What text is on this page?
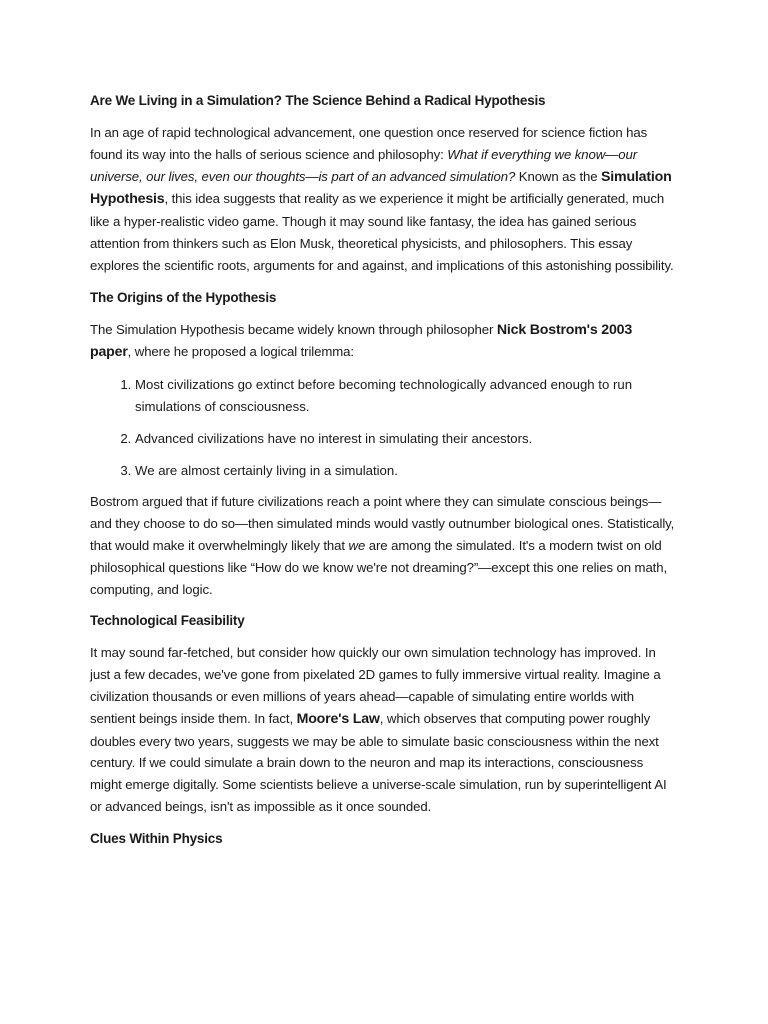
Are We Living in a Simulation? The Science Behind a Radical Hypothesis

In an age of rapid technological advancement, one question once reserved for science fiction has found its way into the halls of serious science and philosophy: What if everything we know—our universe, our lives, even our thoughts—is part of an advanced simulation? Known as the Simulation Hypothesis, this idea suggests that reality as we experience it might be artificially generated, much like a hyper-realistic video game. Though it may sound like fantasy, the idea has gained serious attention from thinkers such as Elon Musk, theoretical physicists, and philosophers. This essay explores the scientific roots, arguments for and against, and implications of this astonishing possibility.

The Origins of the Hypothesis

The Simulation Hypothesis became widely known through philosopher Nick Bostrom's 2003 paper, where he proposed a logical trilemma:

1. Most civilizations go extinct before becoming technologically advanced enough to run simulations of consciousness.
2. Advanced civilizations have no interest in simulating their ancestors.
3. We are almost certainly living in a simulation.

Bostrom argued that if future civilizations reach a point where they can simulate conscious beings—and they choose to do so—then simulated minds would vastly outnumber biological ones. Statistically, that would make it overwhelmingly likely that we are among the simulated. It's a modern twist on old philosophical questions like “How do we know we're not dreaming?”—except this one relies on math, computing, and logic.

Technological Feasibility

It may sound far-fetched, but consider how quickly our own simulation technology has improved. In just a few decades, we've gone from pixelated 2D games to fully immersive virtual reality. Imagine a civilization thousands or even millions of years ahead—capable of simulating entire worlds with sentient beings inside them. In fact, Moore's Law, which observes that computing power roughly doubles every two years, suggests we may be able to simulate basic consciousness within the next century. If we could simulate a brain down to the neuron and map its interactions, consciousness might emerge digitally. Some scientists believe a universe-scale simulation, run by superintelligent AI or advanced beings, isn't as impossible as it once sounded.

Clues Within Physics
